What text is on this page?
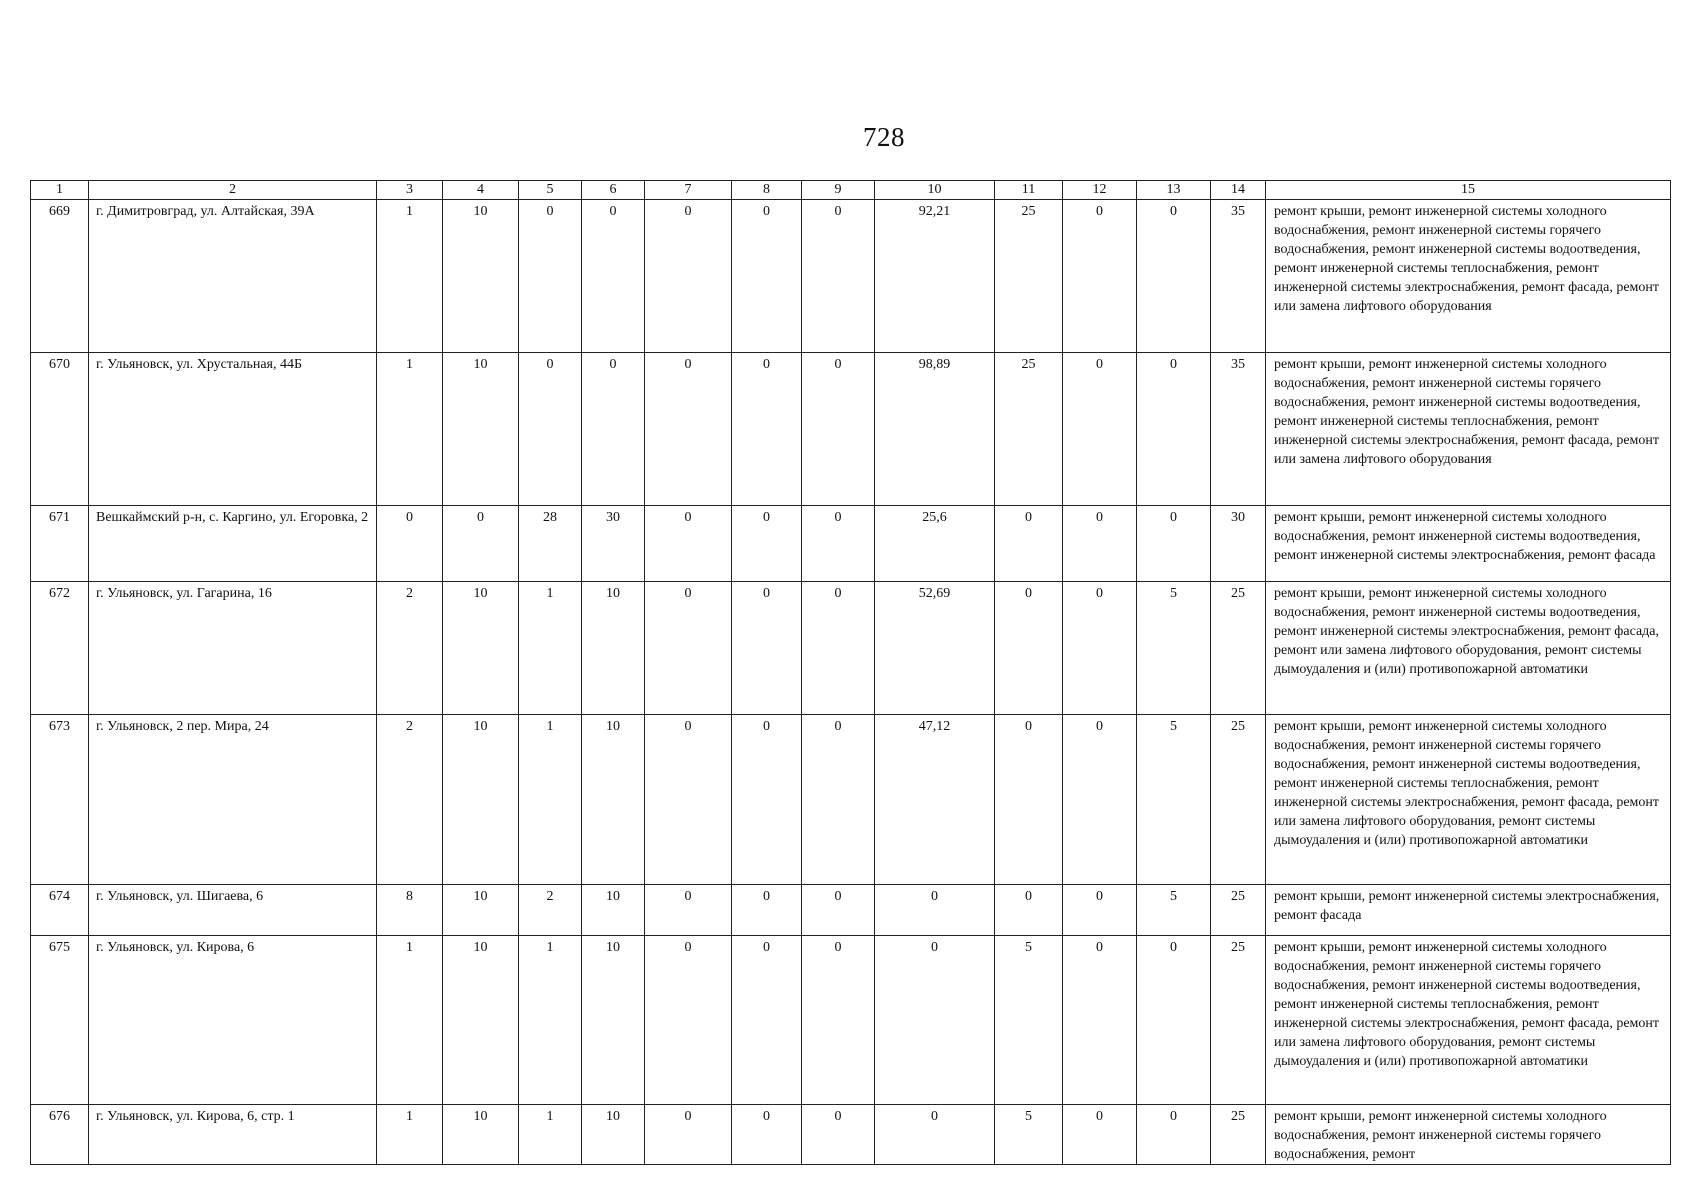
728
1	2	3	4	5	6	7	8	9	10	11	12	13	14	15
669	г. Димитровград, ул. Алтайская, 39А	1	10	0	0	0	0	0	92,21	25	0	0	35	ремонт крыши, ремонт инженерной системы холодного водоснабжения, ремонт инженерной системы горячего водоснабжения, ремонт инженерной системы водоотведения, ремонт инженерной системы теплоснабжения, ремонт инженерной системы электроснабжения, ремонт фасада, ремонт или замена лифтового оборудования
670	г. Ульяновск, ул. Хрустальная, 44Б	1	10	0	0	0	0	0	98,89	25	0	0	35	ремонт крыши, ремонт инженерной системы холодного водоснабжения, ремонт инженерной системы горячего водоснабжения, ремонт инженерной системы водоотведения, ремонт инженерной системы теплоснабжения, ремонт инженерной системы электроснабжения, ремонт фасада, ремонт или замена лифтового оборудования
671	Вешкаймский р-н, с. Каргино, ул. Егоровка, 2	0	0	28	30	0	0	0	25,6	0	0	0	30	ремонт крыши, ремонт инженерной системы холодного водоснабжения, ремонт инженерной системы водоотведения, ремонт инженерной системы электроснабжения, ремонт фасада
672	г. Ульяновск, ул. Гагарина, 16	2	10	1	10	0	0	0	52,69	0	0	5	25	ремонт крыши, ремонт инженерной системы холодного водоснабжения, ремонт инженерной системы водоотведения, ремонт инженерной системы электроснабжения, ремонт фасада, ремонт или замена лифтового оборудования, ремонт системы дымоудаления и (или) противопожарной автоматики
673	г. Ульяновск, 2 пер. Мира, 24	2	10	1	10	0	0	0	47,12	0	0	5	25	ремонт крыши, ремонт инженерной системы холодного водоснабжения, ремонт инженерной системы горячего водоснабжения, ремонт инженерной системы водоотведения, ремонт инженерной системы теплоснабжения, ремонт инженерной системы электроснабжения, ремонт фасада, ремонт или замена лифтового оборудования, ремонт системы дымоудаления и (или) противопожарной автоматики
674	г. Ульяновск, ул. Шигаева, 6	8	10	2	10	0	0	0	0	0	0	5	25	ремонт крыши, ремонт инженерной системы электроснабжения, ремонт фасада
675	г. Ульяновск, ул. Кирова, 6	1	10	1	10	0	0	0	0	5	0	0	25	ремонт крыши, ремонт инженерной системы холодного водоснабжения, ремонт инженерной системы горячего водоснабжения, ремонт инженерной системы водоотведения, ремонт инженерной системы теплоснабжения, ремонт инженерной системы электроснабжения, ремонт фасада, ремонт или замена лифтового оборудования, ремонт системы дымоудаления и (или) противопожарной автоматики
676	г. Ульяновск, ул. Кирова, 6, стр. 1	1	10	1	10	0	0	0	0	5	0	0	25	ремонт крыши, ремонт инженерной системы холодного водоснабжения, ремонт инженерной системы горячего водоснабжения, ремонт
